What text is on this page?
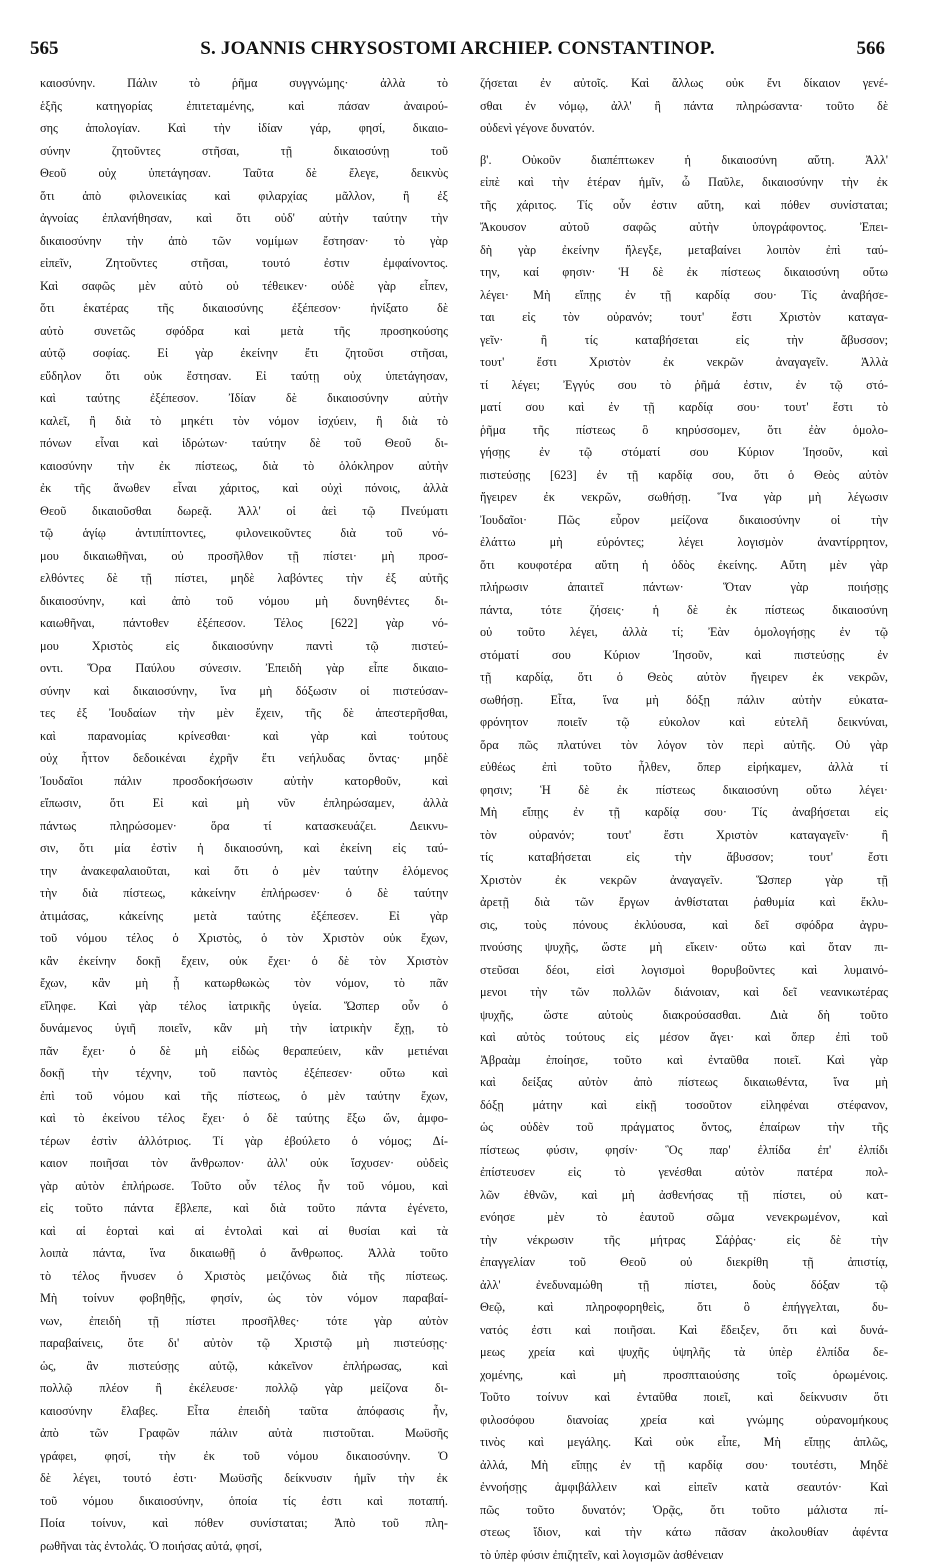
565	S. JOANNIS CHRYSOSTOMI ARCHIEP. CONSTANTINOP.	566
καιοσύνην. Πάλιν τὸ ῥῆμα συγγνώμης· ἀλλὰ τὸ
ἑξῆς κατηγορίας ἐπιτεταμένης, καὶ πάσαν ἀναιρού-
σης ἀπολογίαν. Καὶ τὴν ἰδίαν γάρ, φησί, δικαιο-
σύνην ζητοῦντες στῆσαι, τῇ δικαιοσύνῃ τοῦ
Θεοῦ οὐχ ὑπετάγησαν. Ταῦτα δὲ ἔλεγε, δεικνὺς
ὅτι ἀπὸ φιλονεικίας καὶ φιλαρχίας μᾶλλον, ἢ ἐξ
ἀγνοίας ἐπλανήθησαν, καὶ ὅτι οὐδ' αὐτὴν ταύτην τὴν
δικαιοσύνην τὴν ἀπὸ τῶν νομίμων ἔστησαν· τὸ γὰρ
εἰπεῖν, Ζητοῦντες στῆσαι, τουτό ἐστιν ἐμφαίνοντος.
Καὶ σαφῶς μὲν αὐτὸ οὐ τέθεικεν· οὐδὲ γὰρ εἶπεν,
ὅτι ἑκατέρας τῆς δικαιοσύνης ἐξέπεσον· ἠνίξατο δὲ
αὐτὸ συνετῶς σφόδρα καὶ μετὰ τῆς προσηκούσης
αὐτῷ σοφίας. Εἰ γὰρ ἐκείνην ἔτι ζητοῦσι στῆσαι,
εὔδηλον ὅτι οὐκ ἔστησαν. Εἰ ταύτῃ οὐχ ὑπετάγησαν,
καὶ ταύτης ἐξέπεσον. Ἰδίαν δὲ δικαιοσύνην αὐτὴν
καλεῖ, ἢ διὰ τὸ μηκέτι τὸν νόμον ἰσχύειν, ἢ διὰ τὸ
πόνων εἶναι καὶ ἱδρώτων· ταύτην δὲ τοῦ Θεοῦ δι-
καιοσύνην τὴν ἐκ πίστεως, διὰ τὸ ὁλόκληρον αὐτὴν
ἐκ τῆς ἄνωθεν εἶναι χάριτος, καὶ οὐχὶ πόνοις, ἀλλὰ
Θεοῦ δικαιοῦσθαι δωρεᾷ. Ἀλλ' οἱ ἀεὶ τῷ Πνεύματι
τῷ ἁγίῳ ἀντιπίπτοντες, φιλονεικοῦντες διὰ τοῦ νό-
μου δικαιωθῆναι, οὐ προσῆλθον τῇ πίστει· μὴ προσ-
ελθόντες δὲ τῇ πίστει, μηδὲ λαβόντες τὴν ἐξ αὐτῆς
δικαιοσύνην, καὶ ἀπὸ τοῦ νόμου μὴ δυνηθέντες δι-
καιωθῆναι, πάντοθεν ἐξέπεσον. Τέλος [622] γὰρ νό-
μου Χριστὸς εἰς δικαιοσύνην παντὶ τῷ πιστεύ-
οντι. Ὅρα Παύλου σύνεσιν. Ἐπειδὴ γὰρ εἶπε δικαιο-
σύνην καὶ δικαιοσύνην, ἵνα μὴ δόξωσιν οἱ πιστεύσαν-
τες ἐξ Ἰουδαίων τὴν μὲν ἔχειν, τῆς δὲ ἀπεστερῆσθαι,
καὶ παρανομίας κρίνεσθαι· καὶ γὰρ καὶ τούτους
οὐχ ἧττον δεδοικέναι ἐχρῆν ἔτι νεήλυδας ὄντας· μηδὲ
Ἰουδαῖοι πάλιν προσδοκήσωσιν αὐτὴν κατορθοῦν, καὶ
εἴπωσιν, ὅτι Εἰ καὶ μὴ νῦν ἐπληρώσαμεν, ἀλλὰ
πάντως πληρώσομεν· ὅρα τί κατασκευάζει. Δεικνυ-
σιν, ὅτι μία ἐστὶν ἡ δικαιοσύνη, καὶ ἐκείνη εἰς ταύ-
την ἀνακεφαλαιοῦται, καὶ ὅτι ὁ μὲν ταύτην ἑλόμενος
τὴν διὰ πίστεως, κἀκείνην ἐπλήρωσεν· ὁ δὲ ταύτην
ἀτιμάσας, κἀκείνης μετὰ ταύτης ἐξέπεσεν. Εἰ γὰρ
τοῦ νόμου τέλος ὁ Χριστὸς, ὁ τὸν Χριστὸν οὐκ ἔχων,
κἂν ἐκείνην δοκῇ ἔχειν, οὐκ ἔχει· ὁ δὲ τὸν Χριστὸν
ἔχων, κἂν μὴ ᾖ κατωρθωκὼς τὸν νόμον, τὸ πᾶν
εἴληφε. Καὶ γὰρ τέλος ἰατρικῆς ὑγεία. Ὥσπερ οὖν ὁ
δυνάμενος ὑγιῆ ποιεῖν, κἂν μὴ τὴν ἰατρικὴν ἔχῃ, τὸ
πᾶν ἔχει· ὁ δὲ μὴ εἰδὼς θεραπεύειν, κἂν μετιέναι
δοκῇ τὴν τέχνην, τοῦ παντὸς ἐξέπεσεν· οὕτω καὶ
ἐπὶ τοῦ νόμου καὶ τῆς πίστεως, ὁ μὲν ταύτην ἔχων,
καὶ τὸ ἐκείνου τέλος ἔχει· ὁ δὲ ταύτης ἔξω ὤν, ἀμφο-
τέρων ἐστὶν ἀλλότριος. Τί γὰρ ἐβούλετο ὁ νόμος; Δί-
καιον ποιῆσαι τὸν ἄνθρωπον· ἀλλ' οὐκ ἴσχυσεν· οὐδεὶς
γὰρ αὐτὸν ἐπλήρωσε. Τοῦτο οὖν τέλος ἦν τοῦ νόμου, καὶ
εἰς τοῦτο πάντα ἔβλεπε, καὶ διὰ τοῦτο πάντα ἐγένετο,
καὶ αἱ ἑορταὶ καὶ αἱ ἐντολαὶ καὶ αἱ θυσίαι καὶ τὰ
λοιπὰ πάντα, ἵνα δικαιωθῇ ὁ ἄνθρωπος. Ἀλλὰ τοῦτο
τὸ τέλος ἤνυσεν ὁ Χριστὸς μειζόνως διὰ τῆς πίστεως.
Μὴ τοίνυν φοβηθῇς, φησίν, ὡς τὸν νόμον παραβαί-
νων, ἐπειδὴ τῇ πίστει προσῆλθες· τότε γὰρ αὐτὸν
παραβαίνεις, ὅτε δι' αὐτὸν τῷ Χριστῷ μὴ πιστεύσῃς·
ὡς, ἂν πιστεύσῃς αὐτῷ, κἀκεῖνον ἐπλήρωσας, καὶ
πολλῷ πλέον ἢ ἐκέλευσε· πολλῷ γὰρ μείζονα δι-
καιοσύνην ἔλαβες. Εἶτα ἐπειδὴ ταῦτα ἀπόφασις ἦν,
ἀπὸ τῶν Γραφῶν πάλιν αὐτὰ πιστοῦται. Μωϋσῆς
γράφει, φησί, τὴν ἐκ τοῦ νόμου δικαιοσύνην. Ὁ
δὲ λέγει, τουτό ἐστι· Μωϋσῆς δείκνυσιν ἡμῖν τὴν ἐκ
τοῦ νόμου δικαιοσύνην, ὁποία τίς ἐστι καὶ ποταπή.
Ποία τοίνυν, καὶ πόθεν συνίσταται; Ἀπὸ τοῦ πλη-
ρωθῆναι τὰς ἐντολάς. Ὁ ποιήσας αὐτά, φησί,
ζήσεται ἐν αὐτοῖς. Καὶ ἄλλως οὐκ ἔνι δίκαιον γενέ-
σθαι ἐν νόμῳ, ἀλλ' ἢ πάντα πληρώσαντα· τοῦτο δὲ
οὐδενὶ γέγονε δυνατόν.

β'. Οὐκοῦν διαπέπτωκεν ἡ δικαιοσύνη αὕτη. Ἀλλ'
εἰπὲ καὶ τὴν ἑτέραν ἡμῖν, ὦ Παῦλε, δικαιοσύνην τὴν ἐκ
τῆς χάριτος. Τίς οὖν ἐστιν αὕτη, καὶ πόθεν συνίσταται;
Ἄκουσον αὐτοῦ σαφῶς αὐτὴν ὑπογράφοντος. Ἐπει-
δὴ γὰρ ἐκείνην ἤλεγξε, μεταβαίνει λοιπὸν ἐπὶ ταύ-
την, καί φησιν· Ἡ δὲ ἐκ πίστεως δικαιοσύνη οὕτω
λέγει· Μὴ εἴπῃς ἐν τῇ καρδίᾳ σου· Τίς ἀναβήσε-
ται εἰς τὸν οὐρανόν; τουτ' ἔστι Χριστὸν καταγα-
γεῖν· ἢ τίς καταβήσεται εἰς τὴν ἄβυσσον;
τουτ' ἔστι Χριστὸν ἐκ νεκρῶν ἀναγαγεῖν. Ἀλλὰ
τί λέγει; Ἐγγύς σου τὸ ῥῆμά ἐστιν, ἐν τῷ στό-
ματί σου καὶ ἐν τῇ καρδίᾳ σου· τουτ' ἔστι τὸ
ῥῆμα τῆς πίστεως ὃ κηρύσσομεν, ὅτι ἐὰν ὁμολο-
γήσῃς ἐν τῷ στόματί σου Κύριον Ἰησοῦν, καὶ
πιστεύσῃς [623] ἐν τῇ καρδίᾳ σου, ὅτι ὁ Θεὸς αὐτὸν
ἤγειρεν ἐκ νεκρῶν, σωθήσῃ. Ἵνα γὰρ μὴ λέγωσιν
Ἰουδαῖοι· Πῶς εὗρον μείζονα δικαιοσύνην οἱ τὴν
ἐλάττω μὴ εὑρόντες; λέγει λογισμὸν ἀναντίρρητον,
ὅτι κουφοτέρα αὕτη ἡ ὁδὸς ἐκείνης. Αὕτη μὲν γὰρ
πλήρωσιν ἀπαιτεῖ πάντων· Ὅταν γὰρ ποιήσῃς
πάντα, τότε ζήσεις· ἡ δὲ ἐκ πίστεως δικαιοσύνη
οὐ τοῦτο λέγει, ἀλλὰ τί; Ἐὰν ὁμολογήσῃς ἐν τῷ
στόματί σου Κύριον Ἰησοῦν, καὶ πιστεύσῃς ἐν
τῇ καρδίᾳ, ὅτι ὁ Θεὸς αὐτὸν ἤγειρεν ἐκ νεκρῶν,
σωθήσῃ. Εἶτα, ἵνα μὴ δόξῃ πάλιν αὐτὴν εὐκατα-
φρόνητον ποιεῖν τῷ εὐκολον καὶ εὐτελῆ δεικνύναι,
ὅρα πῶς πλατύνει τὸν λόγον τὸν περὶ αὐτῆς. Οὐ γὰρ
εὐθέως ἐπὶ τοῦτο ἦλθεν, ὅπερ εἰρήκαμεν, ἀλλὰ τί
φησιν; Ἡ δὲ ἐκ πίστεως δικαιοσύνη οὕτω λέγει·
Μὴ εἴπῃς ἐν τῇ καρδίᾳ σου· Τίς ἀναβήσεται εἰς
τὸν οὐρανόν; τουτ' ἔστι Χριστὸν καταγαγεῖν· ἢ
τίς καταβήσεται εἰς τὴν ἄβυσσον; τουτ' ἔστι
Χριστὸν ἐκ νεκρῶν ἀναγαγεῖν. Ὥσπερ γὰρ τῇ
ἀρετῇ διὰ τῶν ἔργων ἀνθίσταται ῥαθυμία καὶ ἔκλυ-
σις, τοὺς πόνους ἐκλύουσα, καὶ δεῖ σφόδρα ἀγρυ-
πνούσης ψυχῆς, ὥστε μὴ εἴκειν· οὕτω καὶ ὅταν πι-
στεῦσαι δέοι, εἰσὶ λογισμοὶ θορυβοῦντες καὶ λυμαινό-
μενοι τὴν τῶν πολλῶν διάνοιαν, καὶ δεῖ νεανικωτέρας
ψυχῆς, ὥστε αὐτοὺς διακρούσασθαι. Διὰ δὴ τοῦτο
καὶ αὐτὸς τούτους εἰς μέσον ἄγει· καὶ ὅπερ ἐπὶ τοῦ
Ἀβραὰμ ἐποίησε, τοῦτο καὶ ἐνταῦθα ποιεῖ. Καὶ γὰρ
καὶ δείξας αὐτὸν ἀπὸ πίστεως δικαιωθέντα, ἵνα μὴ
δόξῃ μάτην καὶ εἰκῇ τοσοῦτον εἰληφέναι στέφανον,
ὡς οὐδὲν τοῦ πράγματος ὄντος, ἐπαίρων τὴν τῆς
πίστεως φύσιν, φησίν· Ὃς παρ' ἐλπίδα ἐπ' ἐλπίδι
ἐπίστευσεν εἰς τὸ γενέσθαι αὐτὸν πατέρα πολ-
λῶν ἐθνῶν, καὶ μὴ ἀσθενήσας τῇ πίστει, οὐ κατ-
ενόησε μὲν τὸ ἑαυτοῦ σῶμα νενεκρωμένον, καὶ
τὴν νέκρωσιν τῆς μήτρας Σάῤῥας· εἰς δὲ τὴν
ἐπαγγελίαν τοῦ Θεοῦ οὐ διεκρίθη τῇ ἀπιστίᾳ,
ἀλλ' ἐνεδυναμώθη τῇ πίστει, δοὺς δόξαν τῷ
Θεῷ, καὶ πληροφορηθεὶς, ὅτι ὃ ἐπήγγελται, δυ-
νατός ἐστι καὶ ποιῆσαι. Καὶ ἔδειξεν, ὅτι καὶ δυνά-
μεως χρεία καὶ ψυχῆς ὑψηλῆς τὰ ὑπὲρ ἐλπίδα δε-
χομένης, καὶ μὴ προσπταιούσης τοῖς ὁρωμένοις.
Τοῦτο τοίνυν καὶ ἐνταῦθα ποιεῖ, καὶ δείκνυσιν ὅτι
φιλοσόφου διανοίας χρεία καὶ γνώμης οὐρανομήκους
τινὸς καὶ μεγάλης. Καὶ οὐκ εἶπε, Μὴ εἴπῃς ἁπλῶς,
ἀλλά, Μὴ εἴπῃς ἐν τῇ καρδίᾳ σου· τουτέστι, Μηδὲ
ἐννοήσῃς ἀμφιβάλλειν καὶ εἰπεῖν κατὰ σεαυτόν· Καὶ
πῶς τοῦτο δυνατόν; Ὁρᾷς, ὅτι τοῦτο μάλιστα πί-
στεως ἴδιον, καὶ τὴν κάτω πᾶσαν ἀκολουθίαν ἀφέντα
τὸ ὑπὲρ φύσιν ἐπιζητεῖν, καὶ λογισμῶν ἀσθένειαν
